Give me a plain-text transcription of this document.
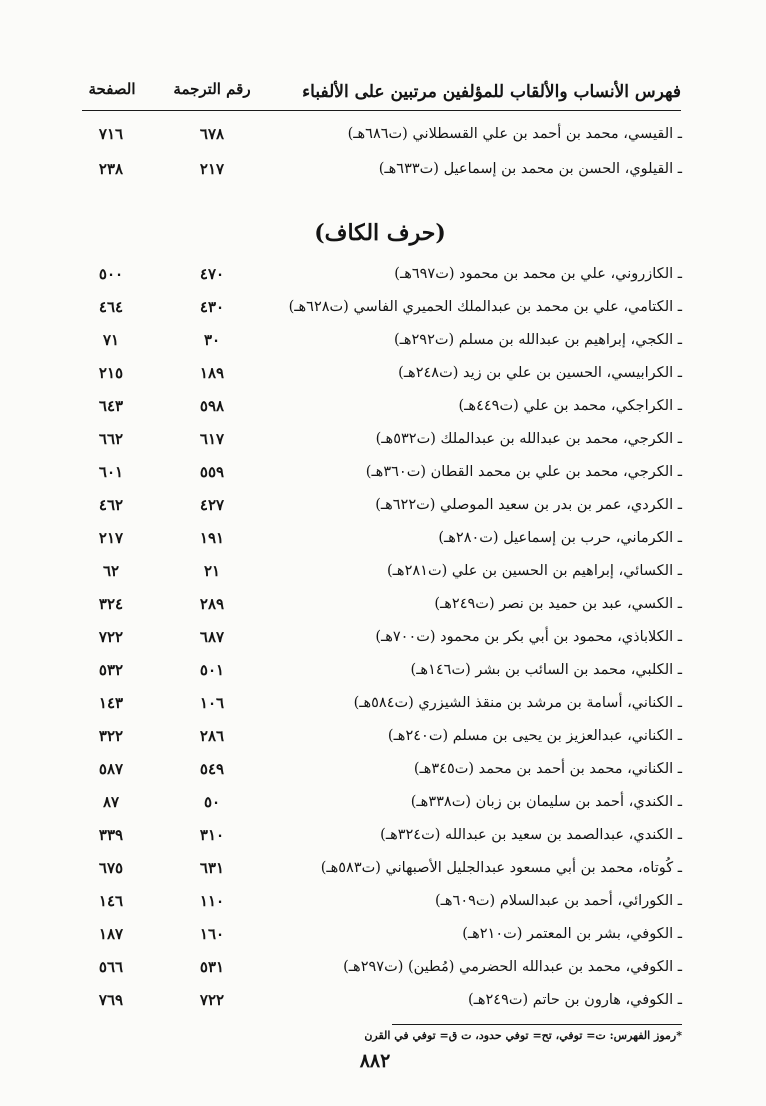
فهرس الأنساب والألقاب للمؤلفين مرتبين على الألفباء
رقم الترجمة
الصفحة
ـ القيسي، محمد بن أحمد بن علي القسطلاني (ت٦٨٦هـ)
٦٧٨
٧١٦
ـ القيلوي، الحسن بن محمد بن إسماعيل (ت٦٣٣هـ)
٢١٧
٢٣٨
(حرف الكاف)
ـ الكازروني، علي بن محمد بن محمود (ت٦٩٧هـ)
٤٧٠
٥٠٠
ـ الكتامي، علي بن محمد بن عبدالملك الحميري الفاسي (ت٦٢٨هـ)
٤٣٠
٤٦٤
ـ الكجي، إبراهيم بن عبدالله بن مسلم (ت٢٩٢هـ)
٣٠
٧١
ـ الكرابيسي، الحسين بن علي بن زيد (ت٢٤٨هـ)
١٨٩
٢١٥
ـ الكراجكي، محمد بن علي (ت٤٤٩هـ)
٥٩٨
٦٤٣
ـ الكرجي، محمد بن عبدالله بن عبدالملك (ت٥٣٢هـ)
٦١٧
٦٦٢
ـ الكرجي، محمد بن علي بن محمد القطان (ت٣٦٠هـ)
٥٥٩
٦٠١
ـ الكردي، عمر بن بدر بن سعيد الموصلي (ت٦٢٢هـ)
٤٢٧
٤٦٢
ـ الكرماني، حرب بن إسماعيل (ت٢٨٠هـ)
١٩١
٢١٧
ـ الكسائي، إبراهيم بن الحسين بن علي (ت٢٨١هـ)
٢١
٦٢
ـ الكسي، عبد بن حميد بن نصر (ت٢٤٩هـ)
٢٨٩
٣٢٤
ـ الكلاباذي، محمود بن أبي بكر بن محمود (ت٧٠٠هـ)
٦٨٧
٧٢٢
ـ الكلبي، محمد بن السائب بن بشر (ت١٤٦هـ)
٥٠١
٥٣٢
ـ الكناني، أسامة بن مرشد بن منقذ الشيزري (ت٥٨٤هـ)
١٠٦
١٤٣
ـ الكناني، عبدالعزيز بن يحيى بن مسلم (ت٢٤٠هـ)
٢٨٦
٣٢٢
ـ الكناني، محمد بن أحمد بن محمد (ت٣٤٥هـ)
٥٤٩
٥٨٧
ـ الكندي، أحمد بن سليمان بن زبان (ت٣٣٨هـ)
٥٠
٨٧
ـ الكندي، عبدالصمد بن سعيد بن عبدالله (ت٣٢٤هـ)
٣١٠
٣٣٩
ـ كُوتاه، محمد بن أبي مسعود عبدالجليل الأصبهاني (ت٥٨٣هـ)
٦٣١
٦٧٥
ـ الكورائي، أحمد بن عبدالسلام (ت٦٠٩هـ)
١١٠
١٤٦
ـ الكوفي، بشر بن المعتمر (ت٢١٠هـ)
١٦٠
١٨٧
ـ الكوفي، محمد بن عبدالله الحضرمي (مُطين) (ت٢٩٧هـ)
٥٣١
٥٦٦
ـ الكوفي، هارون بن حاتم (ت٢٤٩هـ)
٧٢٢
٧٦٩
*رموز الفهرس: ت= توفي، تح= توفي حدود، ت ق= توفي في القرن
٨٨٢
